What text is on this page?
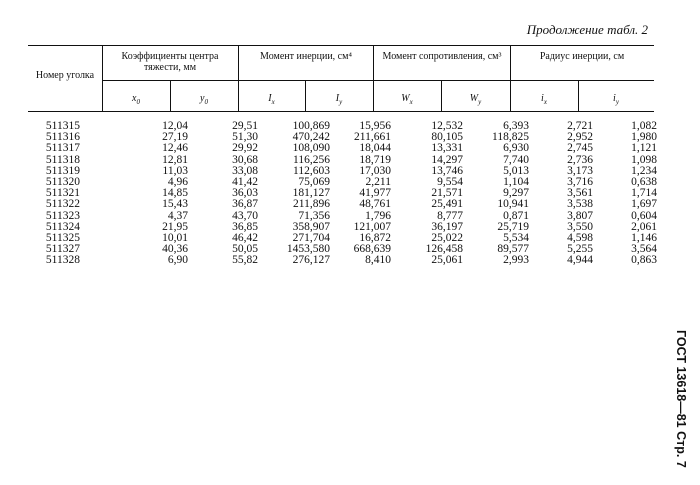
Продолжение табл. 2
Номер уголка
Коэффициенты центра тяжести, мм
Момент инерции, см⁴	Момент сопротивления, см³	Радиус инерции, см
$x_0$	$y_0$	$I_x$	$I_y$	$W_x$	$W_y$	$i_x$	$i_y$
511315	12,04	29,51	100,869	15,956	12,532	6,393	2,721	1,082
511316	27,19	51,30	470,242	211,661	80,105	118,825	2,952	1,980
511317	12,46	29,92	108,090	18,044	13,331	6,930	2,745	1,121
511318	12,81	30,68	116,256	18,719	14,297	7,740	2,736	1,098
511319	11,03	33,08	112,603	17,030	13,746	5,013	3,173	1,234
511320	4,96	41,42	75,069	2,211	9,554	1,104	3,716	0,638
511321	14,85	36,03	181,127	41,977	21,571	9,297	3,561	1,714
511322	15,43	36,87	211,896	48,761	25,491	10,941	3,538	1,697
511323	4,37	43,70	71,356	1,796	8,777	0,871	3,807	0,604
511324	21,95	36,85	358,907	121,007	36,197	25,719	3,550	2,061
511325	10,01	46,42	271,704	16,872	25,022	5,534	4,598	1,146
511327	40,36	50,05	1453,580	668,639	126,458	89,577	5,255	3,564
511328	6,90	55,82	276,127	8,410	25,061	2,993	4,944	0,863
ГОСТ 13618—81 Стр. 7
